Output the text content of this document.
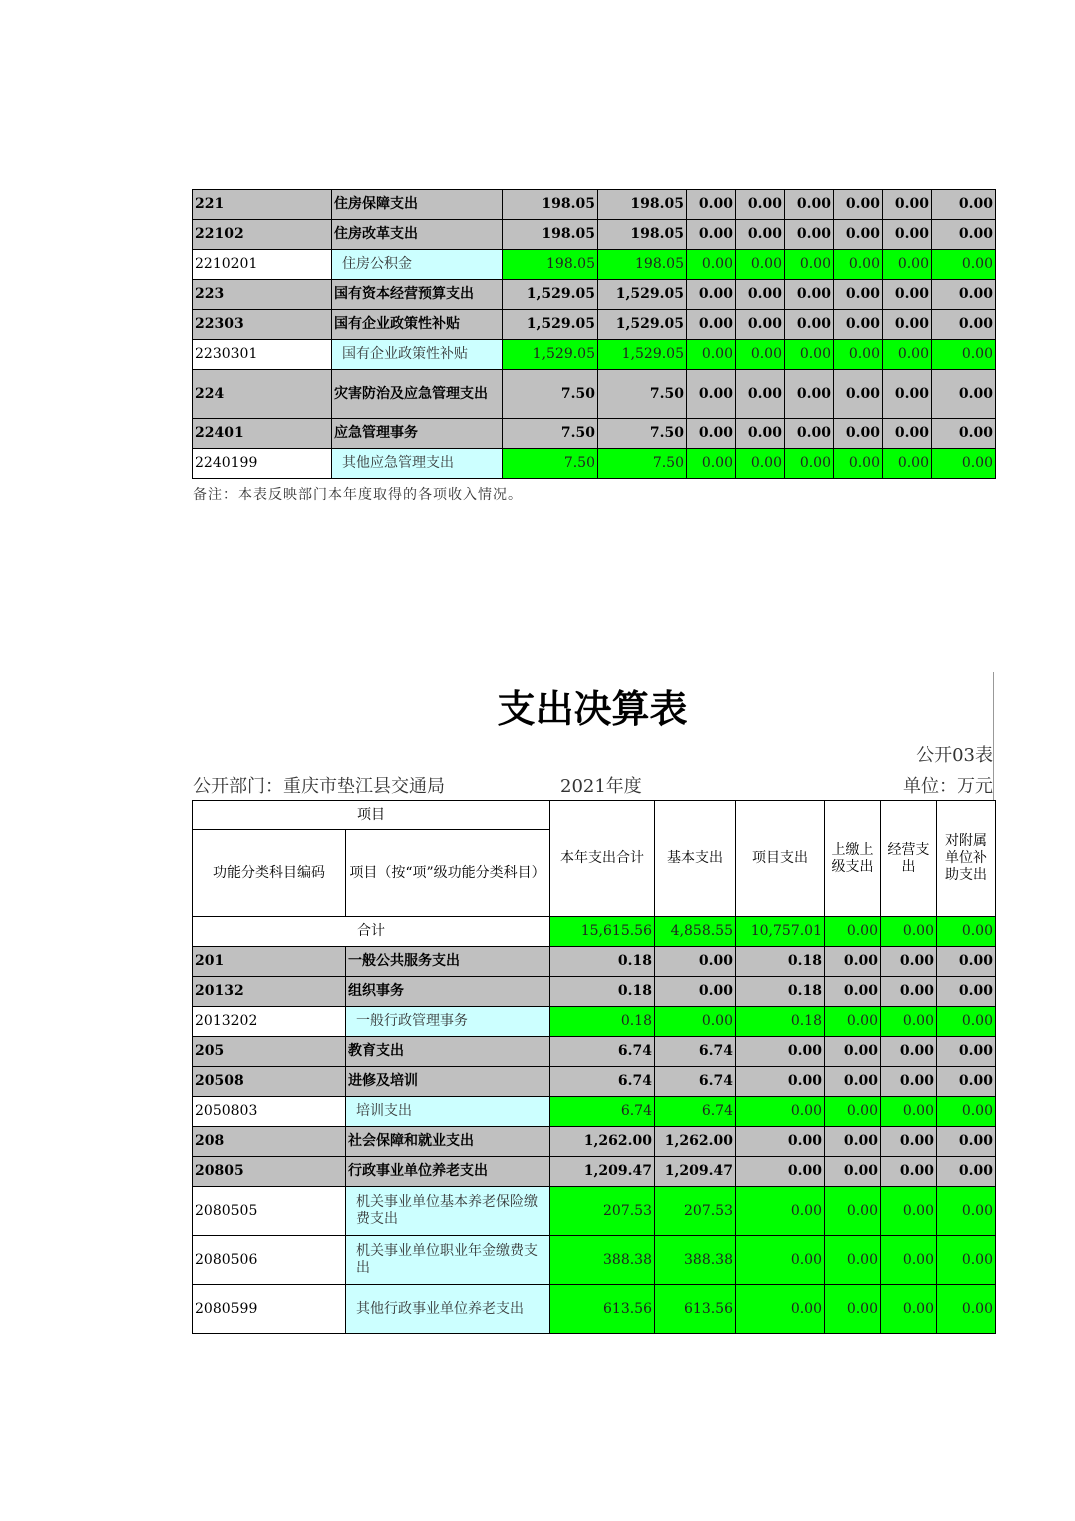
221	住房保障支出	198.05	198.05	0.00	0.00	0.00	0.00	0.00	0.00
22102	住房改革支出	198.05	198.05	0.00	0.00	0.00	0.00	0.00	0.00
2210201	住房公积金	198.05	198.05	0.00	0.00	0.00	0.00	0.00	0.00
223	国有资本经营预算支出	1,529.05	1,529.05	0.00	0.00	0.00	0.00	0.00	0.00
22303	国有企业政策性补贴	1,529.05	1,529.05	0.00	0.00	0.00	0.00	0.00	0.00
2230301	国有企业政策性补贴	1,529.05	1,529.05	0.00	0.00	0.00	0.00	0.00	0.00
224	灾害防治及应急管理支出	7.50	7.50	0.00	0.00	0.00	0.00	0.00	0.00
22401	应急管理事务	7.50	7.50	0.00	0.00	0.00	0.00	0.00	0.00
2240199	其他应急管理支出	7.50	7.50	0.00	0.00	0.00	0.00	0.00	0.00
备注：本表反映部门本年度取得的各项收入情况。
支出决算表
公开03表
公开部门：重庆市垫江县交通局	2021年度	单位：万元
项目		本年支出合计	基本支出	项目支出	上缴上级支出	经营支出	对附属单位补助支出
功能分类科目编码	项目（按“项”级功能分类科目）						
合计		15,615.56	4,858.55	10,757.01	0.00	0.00	0.00
201	一般公共服务支出	0.18	0.00	0.18	0.00	0.00	0.00
20132	组织事务	0.18	0.00	0.18	0.00	0.00	0.00
2013202	一般行政管理事务	0.18	0.00	0.18	0.00	0.00	0.00
205	教育支出	6.74	6.74	0.00	0.00	0.00	0.00
20508	进修及培训	6.74	6.74	0.00	0.00	0.00	0.00
2050803	培训支出	6.74	6.74	0.00	0.00	0.00	0.00
208	社会保障和就业支出	1,262.00	1,262.00	0.00	0.00	0.00	0.00
20805	行政事业单位养老支出	1,209.47	1,209.47	0.00	0.00	0.00	0.00
2080505	机关事业单位基本养老保险缴费支出	207.53	207.53	0.00	0.00	0.00	0.00
2080506	机关事业单位职业年金缴费支出	388.38	388.38	0.00	0.00	0.00	0.00
2080599	其他行政事业单位养老支出	613.56	613.56	0.00	0.00	0.00	0.00
